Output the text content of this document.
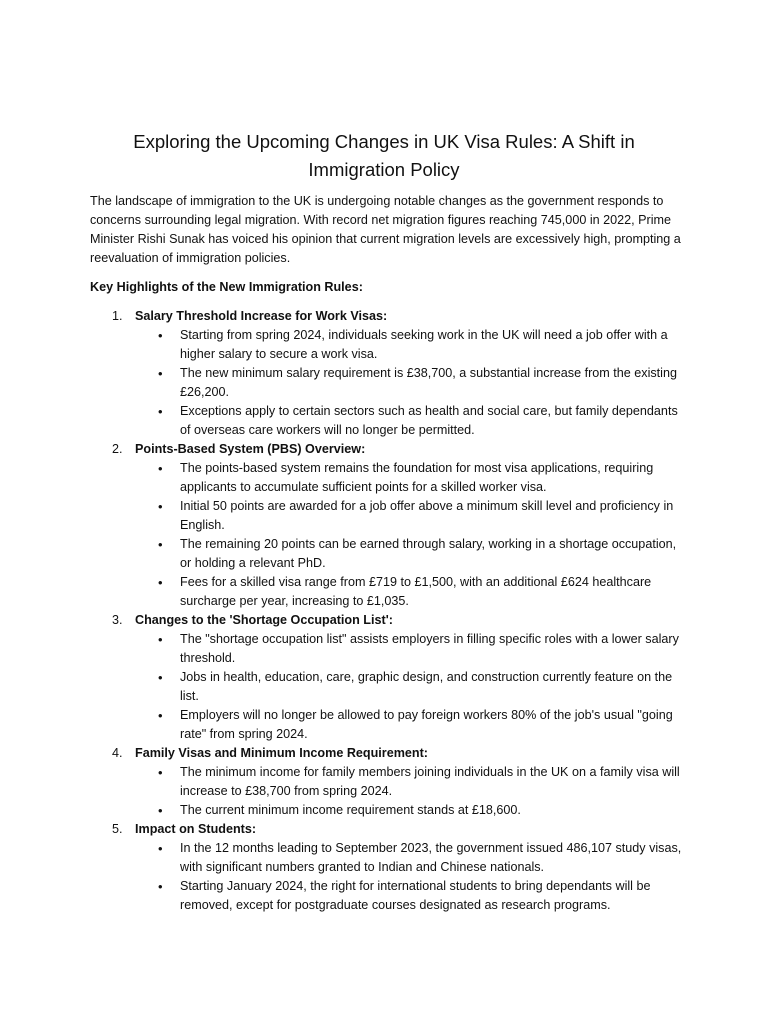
Exploring the Upcoming Changes in UK Visa Rules: A Shift in Immigration Policy

The landscape of immigration to the UK is undergoing notable changes as the government responds to concerns surrounding legal migration. With record net migration figures reaching 745,000 in 2022, Prime Minister Rishi Sunak has voiced his opinion that current migration levels are excessively high, prompting a reevaluation of immigration policies.

Key Highlights of the New Immigration Rules:

1. Salary Threshold Increase for Work Visas:
• Starting from spring 2024, individuals seeking work in the UK will need a job offer with a higher salary to secure a work visa.
• The new minimum salary requirement is £38,700, a substantial increase from the existing £26,200.
• Exceptions apply to certain sectors such as health and social care, but family dependants of overseas care workers will no longer be permitted.
2. Points-Based System (PBS) Overview:
• The points-based system remains the foundation for most visa applications, requiring applicants to accumulate sufficient points for a skilled worker visa.
• Initial 50 points are awarded for a job offer above a minimum skill level and proficiency in English.
• The remaining 20 points can be earned through salary, working in a shortage occupation, or holding a relevant PhD.
• Fees for a skilled visa range from £719 to £1,500, with an additional £624 healthcare surcharge per year, increasing to £1,035.
3. Changes to the 'Shortage Occupation List':
• The "shortage occupation list" assists employers in filling specific roles with a lower salary threshold.
• Jobs in health, education, care, graphic design, and construction currently feature on the list.
• Employers will no longer be allowed to pay foreign workers 80% of the job's usual "going rate" from spring 2024.
4. Family Visas and Minimum Income Requirement:
• The minimum income for family members joining individuals in the UK on a family visa will increase to £38,700 from spring 2024.
• The current minimum income requirement stands at £18,600.
5. Impact on Students:
• In the 12 months leading to September 2023, the government issued 486,107 study visas, with significant numbers granted to Indian and Chinese nationals.
• Starting January 2024, the right for international students to bring dependants will be removed, except for postgraduate courses designated as research programs.
